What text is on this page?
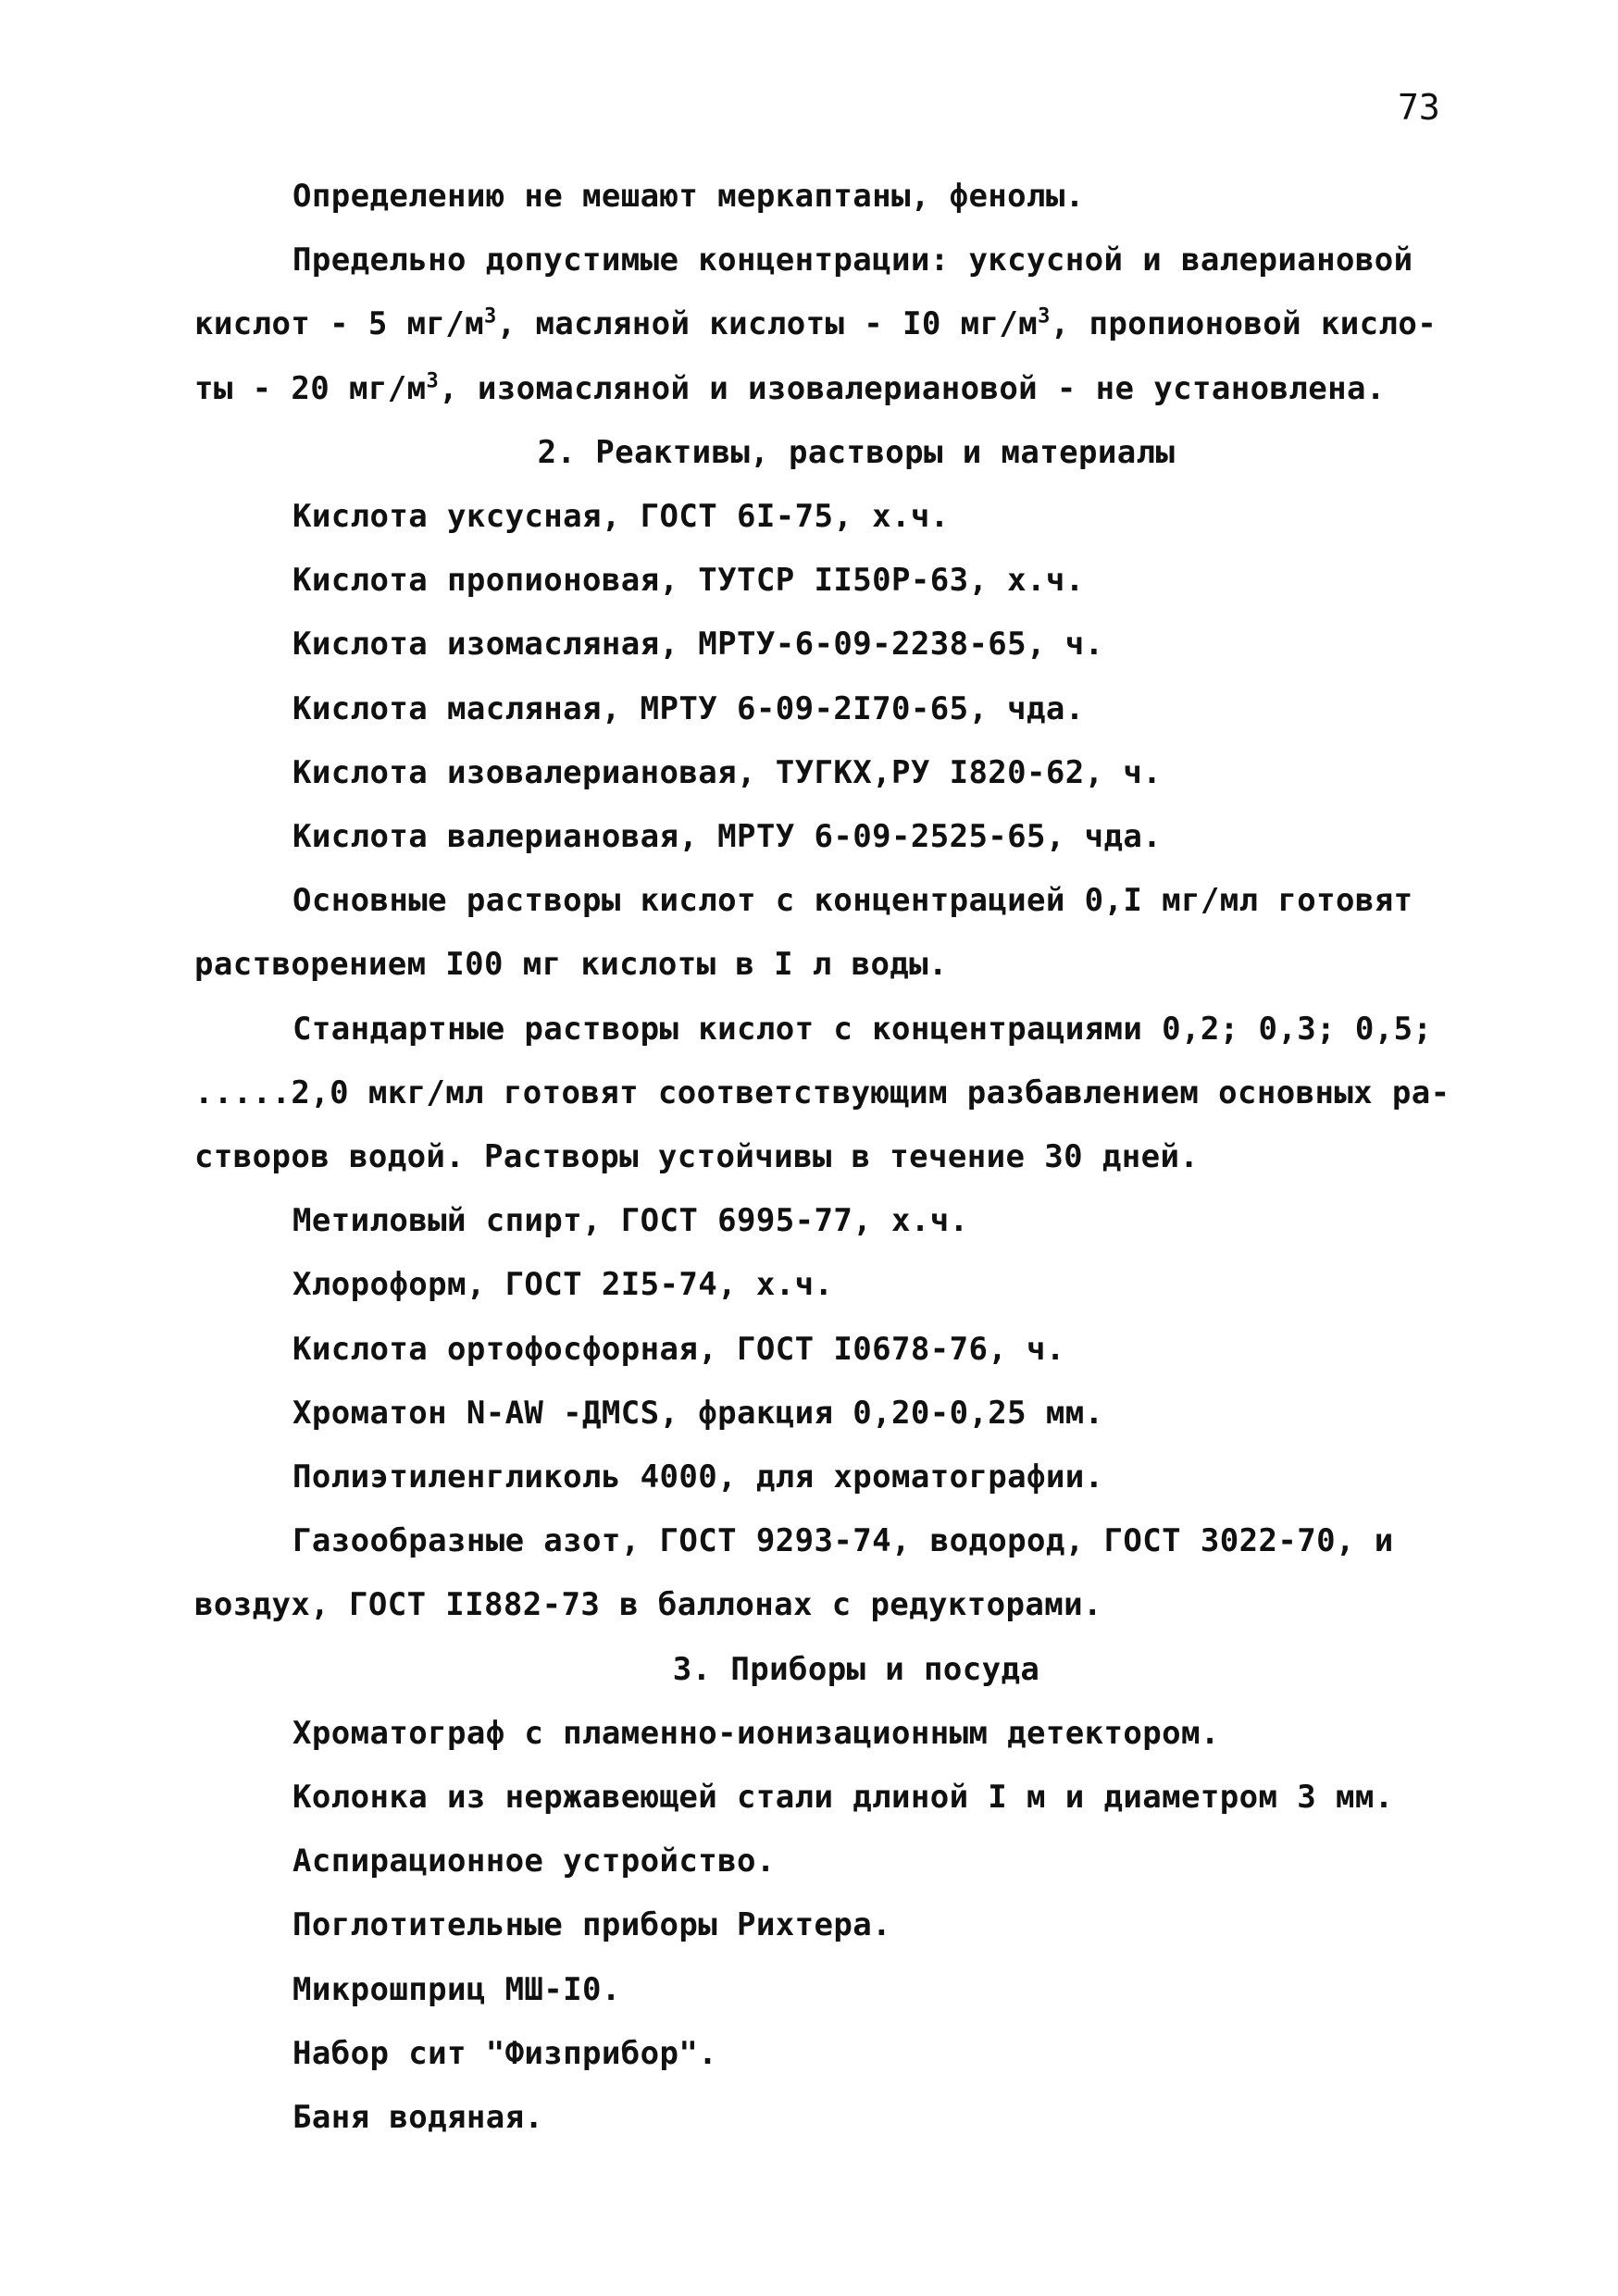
73

Определению не мешают меркаптаны, фенолы.

Предельно допустимые концентрации: уксусной и валериановой

кислот - 5 $мг/м^3$, масляной кислоты - I0 $мг/м^3$, пропионовой кисло-

ты - 20 $мг/м^3$, изомасляной и изовалериановой - не установлена.

2. Реактивы, растворы и материалы

Кислота уксусная, ГОСТ 6I-75, х.ч.

Кислота пропионовая, ТУТСР II50Р-63, х.ч.

Кислота изомасляная, МРТУ-6-09-2238-65, ч.

Кислота масляная, МРТУ 6-09-2I70-65, чда.

Кислота изовалериановая, ТУГКХ,РУ I820-62, ч.

Кислота валериановая, МРТУ 6-09-2525-65, чда.

Основные растворы кислот с концентрацией 0,I мг/мл готовят

растворением I00 мг кислоты в I л воды.

Стандартные растворы кислот с концентрациями 0,2; 0,3; 0,5;

.....2,0 мкг/мл готовят соответствующим разбавлением основных ра-

створов водой. Растворы устойчивы в течение 30 дней.

Метиловый спирт, ГОСТ 6995-77, х.ч.

Хлороформ, ГОСТ 2I5-74, х.ч.

Кислота ортофосфорная, ГОСТ I0678-76, ч.

Хроматон N-AW -ДМСS, фракция 0,20-0,25 мм.

Полиэтиленгликоль 4000, для хроматографии.

Газообразные азот, ГОСТ 9293-74, водород, ГОСТ 3022-70, и

воздух, ГОСТ II882-73 в баллонах с редукторами.

3. Приборы и посуда

Хроматограф с пламенно-ионизационным детектором.

Колонка из нержавеющей стали длиной I м и диаметром 3 мм.

Аспирационное устройство.

Поглотительные приборы Рихтера.

Микрошприц МШ-I0.

Набор сит "Физприбор".

Баня водяная.
